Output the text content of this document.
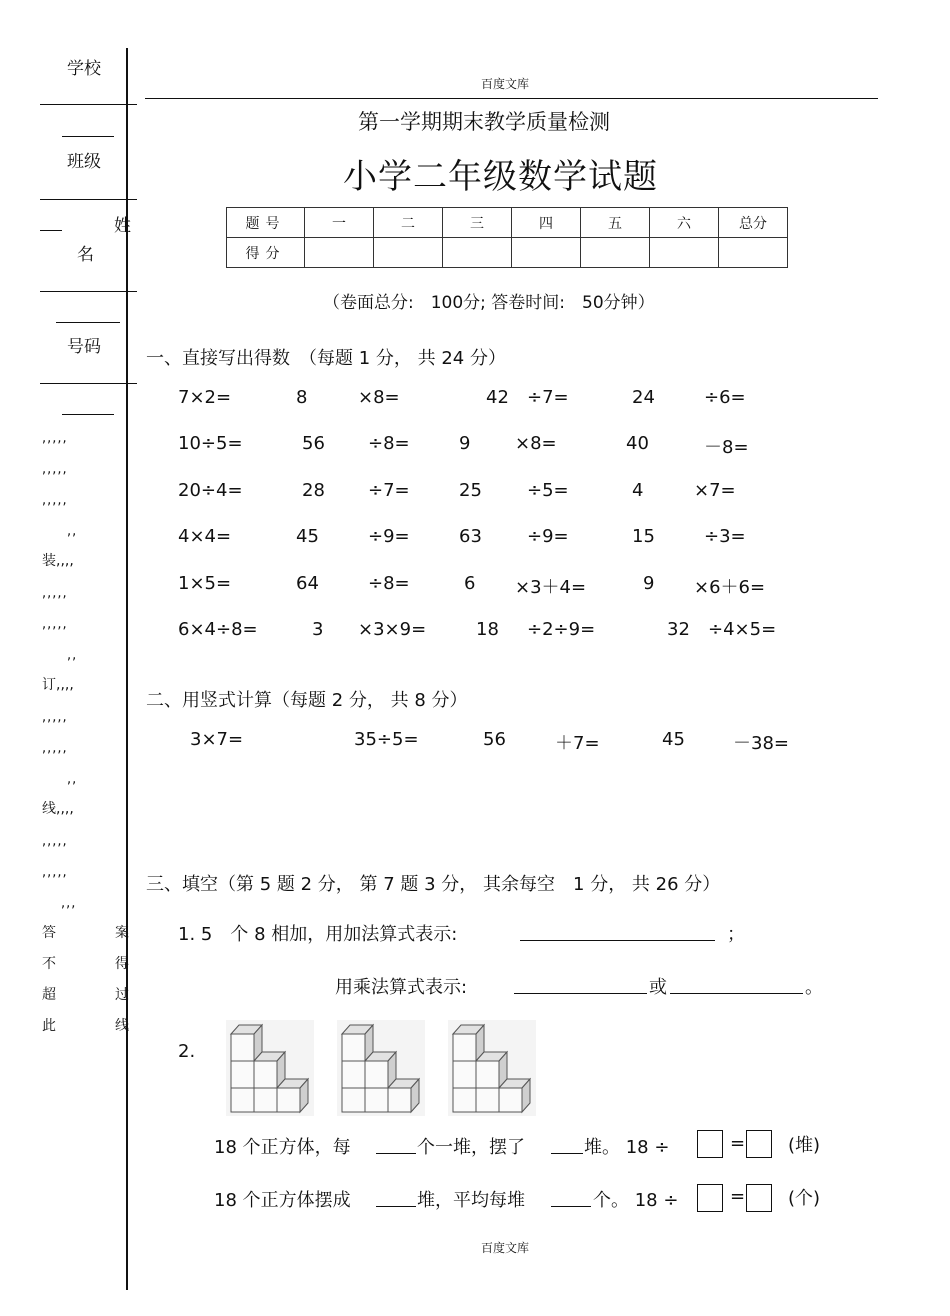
学校
班级
姓
名
号码
,,,,,
,,,,,
,,,,,
,,
装,,,,
,,,,,
,,,,,
,,
订,,,,
,,,,,
,,,,,
,,
线,,,,
,,,,,
,,,,,
,,,
答	案
不	得
超	过
此	线
百度文库
第一学期期末教学质量检测
小学二年级数学试题
题号	一	二	三	四	五	六	总分
得分							
（卷面总分:　100分; 答卷时间:　50分钟）
一、直接写出得数　（每题 1 分， 共 24 分）
7×2=	8	×8=	42 ÷7=	24	÷6=
10÷5=	56 ÷8=	9 ×8=	40	－8=
20÷4=	28 ÷7=	25	÷5=	4	×7=
4×4=	45	÷9=	63	÷9=	15	÷3=
1×5=	64	÷8=	6 ×3＋4=	9 ×6＋6=
6×4÷8=	3 ×3×9=	18 ÷2÷9=	32 ÷4×5=
二、用竖式计算（每题 2 分， 共 8 分）
3×7=	35÷5=	56	＋7=	45	－38=
三、填空（第 5 题 2 分， 第 7 题 3 分， 其余每空　1 分， 共 26 分）
1. 5　个 8 相加，用加法算式表示:	；
用乘法算式表示:	或	。
2.
18 个正方体，每	个一堆，摆了	堆。 18 ÷	= (堆)
18 个正方体摆成	堆，平均每堆	个。 18 ÷	= (个)
百度文库
